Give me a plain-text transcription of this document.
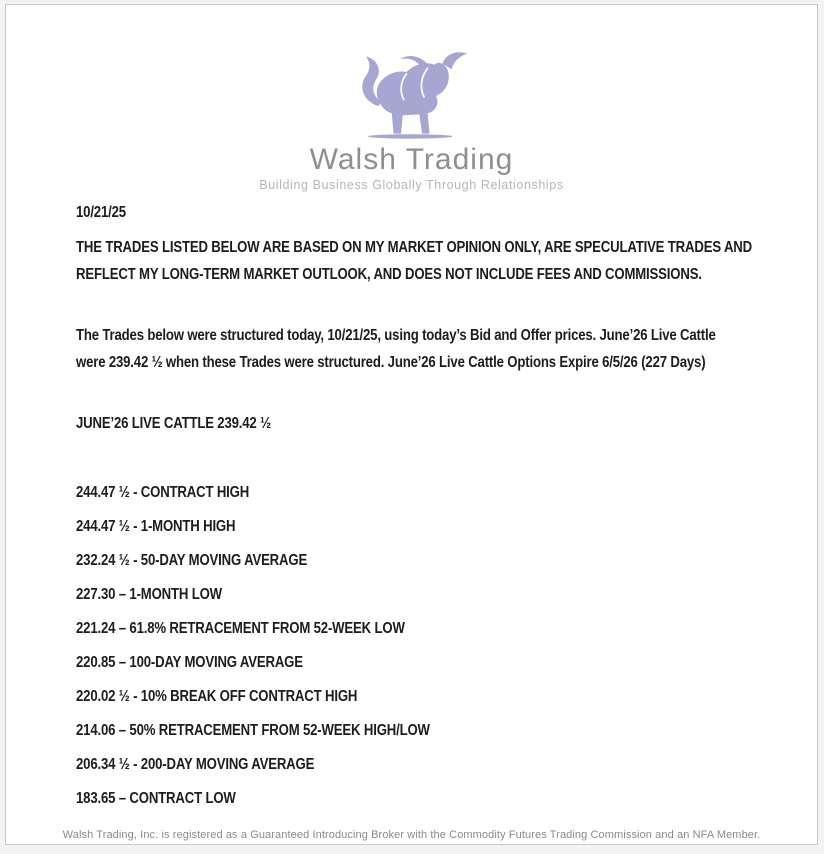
Walsh Trading
Building Business Globally Through Relationships
10/21/25
THE TRADES LISTED BELOW ARE BASED ON MY MARKET OPINION ONLY, ARE SPECULATIVE TRADES AND
REFLECT MY LONG-TERM MARKET OUTLOOK, AND DOES NOT INCLUDE FEES AND COMMISSIONS.
The Trades below were structured today, 10/21/25, using today’s Bid and Offer prices. June’26 Live Cattle
were 239.42 ½ when these Trades were structured. June’26 Live Cattle Options Expire 6/5/26 (227 Days)
JUNE’26 LIVE CATTLE 239.42 ½
244.47 ½ - CONTRACT HIGH
244.47 ½ - 1-MONTH HIGH
232.24 ½ - 50-DAY MOVING AVERAGE
227.30 – 1-MONTH LOW
221.24 – 61.8% RETRACEMENT FROM 52-WEEK LOW
220.85 – 100-DAY MOVING AVERAGE
220.02 ½ - 10% BREAK OFF CONTRACT HIGH
214.06 – 50% RETRACEMENT FROM 52-WEEK HIGH/LOW
206.34 ½ - 200-DAY MOVING AVERAGE
183.65 – CONTRACT LOW
Walsh Trading, Inc. is registered as a Guaranteed Introducing Broker with the Commodity Futures Trading Commission and an NFA Member.
